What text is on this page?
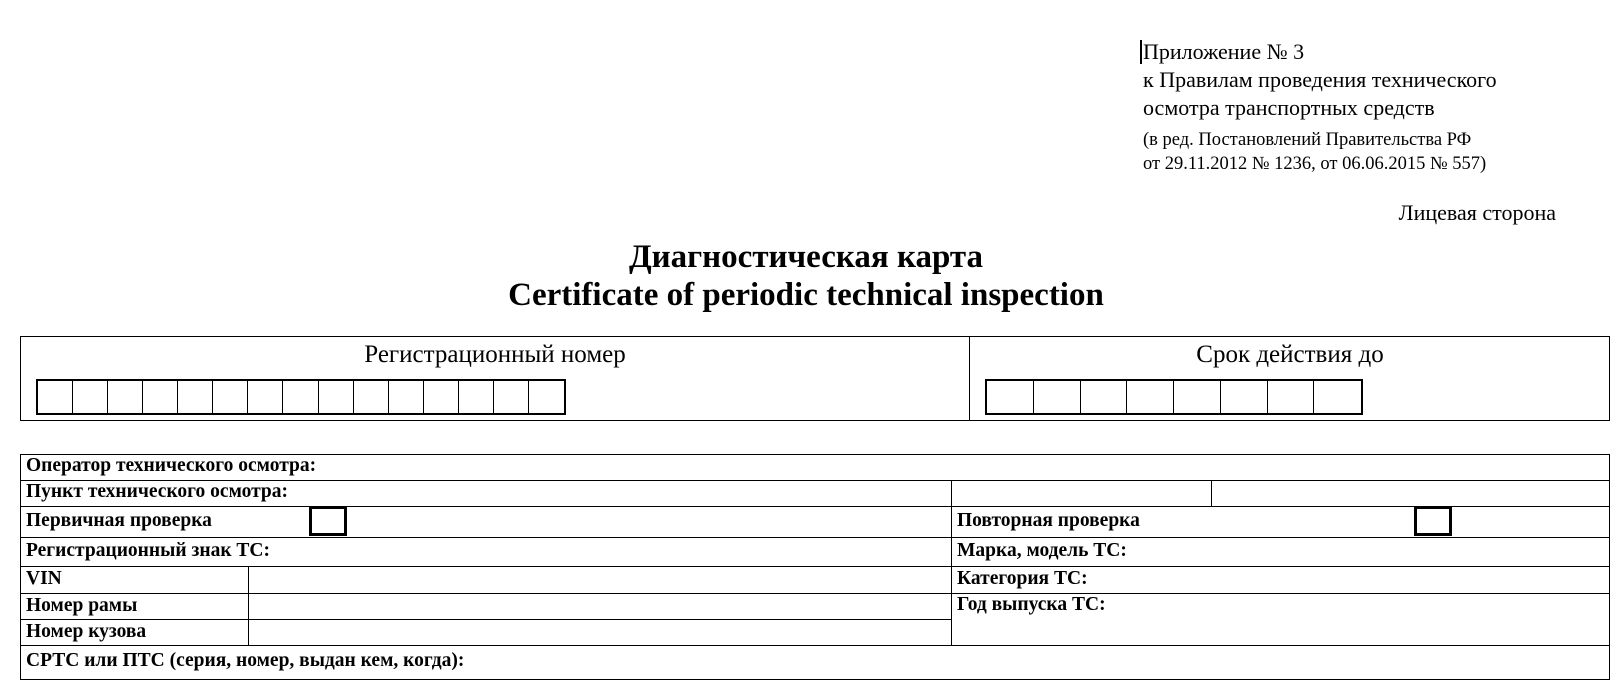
Приложение № 3
к Правилам проведения технического
осмотра транспортных средств
(в ред. Постановлений Правительства РФ
от 29.11.2012 № 1236, от 06.06.2015 № 557)
Лицевая сторона
Диагностическая карта
Certificate of periodic technical inspection
Регистрационный номер	Срок действия до
Оператор технического осмотра:
Пункт технического осмотра:
Первичная проверка	Повторная проверка
Регистрационный знак ТС:	Марка, модель ТС:
VIN	Категория ТС:
Номер рамы	Год выпуска ТС:
Номер кузова
СРТС или ПТС (серия, номер, выдан кем, когда):
